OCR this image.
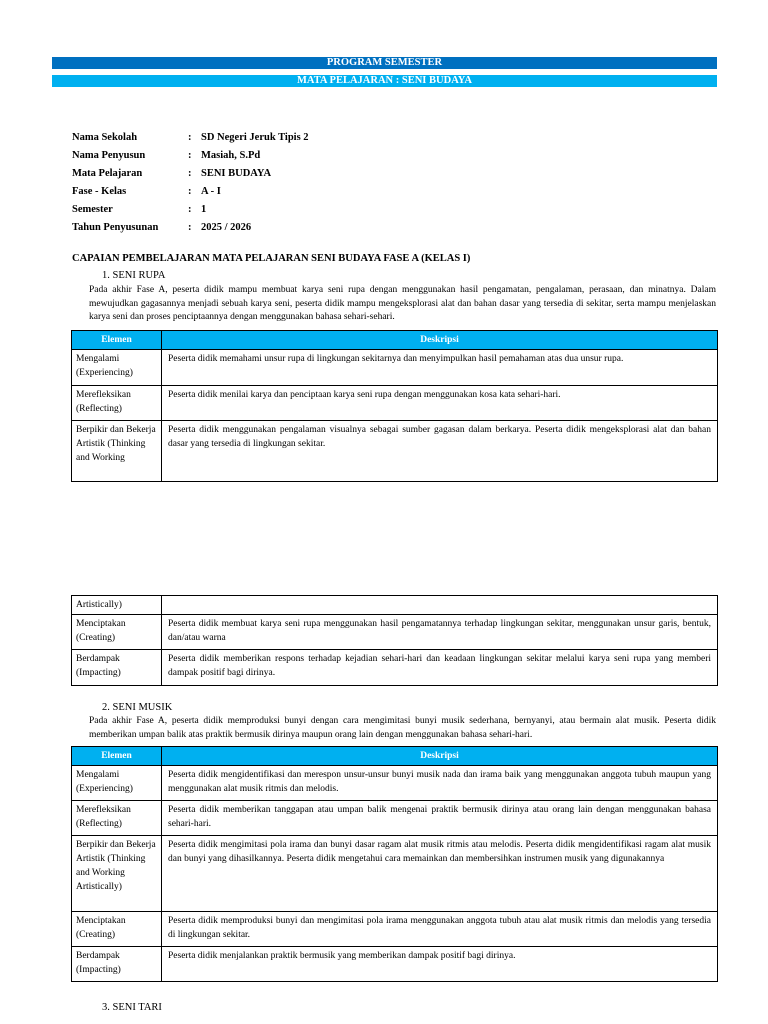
PROGRAM SEMESTER
MATA PELAJARAN : SENI BUDAYA
Nama Sekolah	: SD Negeri Jeruk Tipis 2
Nama Penyusun	: Masiah, S.Pd
Mata Pelajaran	: SENI BUDAYA
Fase - Kelas	: A - I
Semester	: 1
Tahun Penyusunan	: 2025 / 2026
CAPAIAN PEMBELAJARAN MATA PELAJARAN SENI BUDAYA FASE A (KELAS I)
1. SENI RUPA
Pada akhir Fase A, peserta didik mampu membuat karya seni rupa dengan menggunakan hasil pengamatan, pengalaman, perasaan, dan minatnya. Dalam mewujudkan gagasannya menjadi sebuah karya seni, peserta didik mampu mengeksplorasi alat dan bahan dasar yang tersedia di sekitar, serta mampu menjelaskan karya seni dan proses penciptaannya dengan menggunakan bahasa sehari-sehari.
Elemen	Deskripsi
Mengalami (Experiencing)	Peserta didik memahami unsur rupa di lingkungan sekitarnya dan menyimpulkan hasil pemahaman atas dua unsur rupa.
Merefleksikan (Reflecting)	Peserta didik menilai karya dan penciptaan karya seni rupa dengan menggunakan kosa kata sehari-hari.
Berpikir dan Bekerja Artistik (Thinking and Working	Peserta didik menggunakan pengalaman visualnya sebagai sumber gagasan dalam berkarya. Peserta didik mengeksplorasi alat dan bahan dasar yang tersedia di lingkungan sekitar.
Artistically)	
Menciptakan (Creating)	Peserta didik membuat karya seni rupa menggunakan hasil pengamatannya terhadap lingkungan sekitar, menggunakan unsur garis, bentuk, dan/atau warna
Berdampak (Impacting)	Peserta didik memberikan respons terhadap kejadian sehari-hari dan keadaan lingkungan sekitar melalui karya seni rupa yang memberi dampak positif bagi dirinya.
2. SENI MUSIK
Pada akhir Fase A, peserta didik memproduksi bunyi dengan cara mengimitasi bunyi musik sederhana, bernyanyi, atau bermain alat musik. Peserta didik memberikan umpan balik atas praktik bermusik dirinya maupun orang lain dengan menggunakan bahasa sehari-hari.
Elemen	Deskripsi
Mengalami (Experiencing)	Peserta didik mengidentifikasi dan merespon unsur-unsur bunyi musik nada dan irama baik yang menggunakan anggota tubuh maupun yang menggunakan alat musik ritmis dan melodis.
Merefleksikan (Reflecting)	Peserta didik memberikan tanggapan atau umpan balik mengenai praktik bermusik dirinya atau orang lain dengan menggunakan bahasa sehari-hari.
Berpikir dan Bekerja Artistik (Thinking and Working Artistically)	Peserta didik mengimitasi pola irama dan bunyi dasar ragam alat musik ritmis atau melodis. Peserta didik mengidentifikasi ragam alat musik dan bunyi yang dihasilkannya. Peserta didik mengetahui cara memainkan dan membersihkan instrumen musik yang digunakannya
Menciptakan (Creating)	Peserta didik memproduksi bunyi dan mengimitasi pola irama menggunakan anggota tubuh atau alat musik ritmis dan melodis yang tersedia di lingkungan sekitar.
Berdampak (Impacting)	Peserta didik menjalankan praktik bermusik yang memberikan dampak positif bagi dirinya.
3. SENI TARI
